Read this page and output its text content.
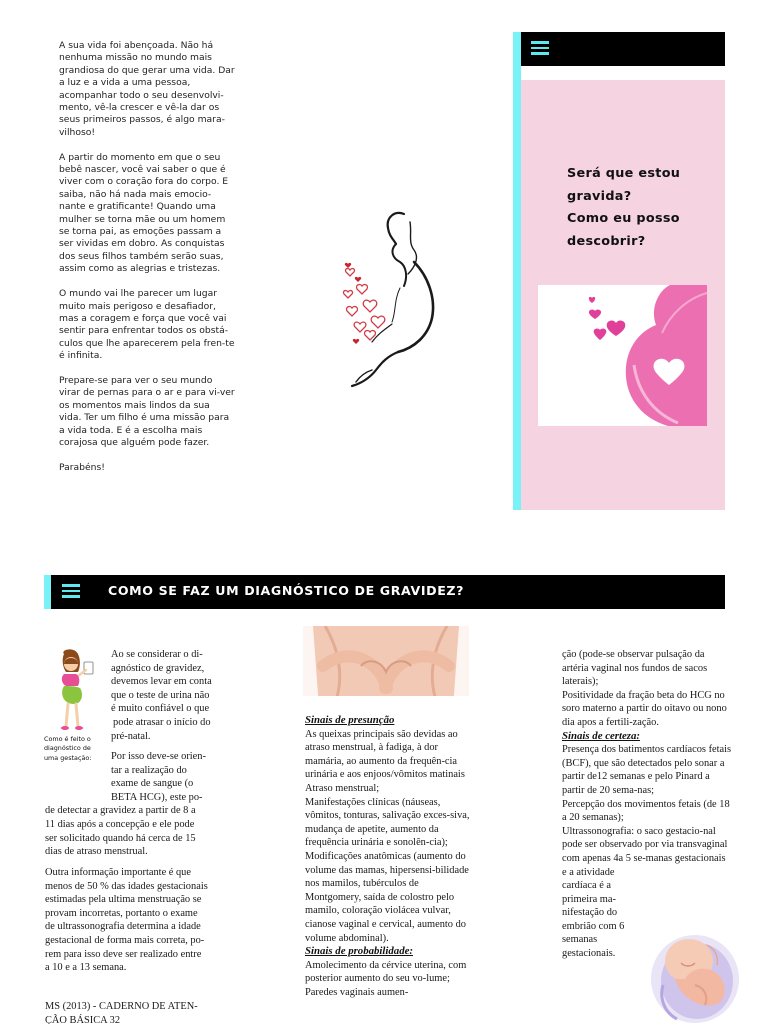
A sua vida foi abençoada. Não há nenhuma missão no mundo mais grandiosa do que gerar uma vida. Dar a luz e a vida a uma pessoa, acompanhar todo o seu desenvolvi-mento, vê-la crescer e vê-la dar os seus primeiros passos, é algo mara-vilhoso!

A partir do momento em que o seu bebê nascer, você vai saber o que é viver com o coração fora do corpo. E saiba, não há nada mais emocio-nante e gratificante! Quando uma mulher se torna mãe ou um homem se torna pai, as emoções passam a ser vividas em dobro. As conquistas dos seus filhos também serão suas, assim como as alegrias e tristezas.

O mundo vai lhe parecer um lugar muito mais perigoso e desafiador, mas a coragem e força que você vai sentir para enfrentar todos os obstá-culos que lhe aparecerem pela fren-te é infinita.

Prepare-se para ver o seu mundo virar de pernas para o ar e para vi-ver os momentos mais lindos da sua vida. Ter um filho é uma missão para a vida toda. E é a escolha mais corajosa que alguém pode fazer.

Parabéns!

Será que estou
gravida?
Como eu posso
descobrir?
COMO SE FAZ UM DIAGNÓSTICO DE GRAVIDEZ?
Como é feito o diagnóstico de uma gestação:
Ao se considerar o di-
agnóstico de gravidez,
devemos levar em conta
que o teste de urina não
é muito confiável o que
pode atrasar o início do
pré-natal.
Por isso deve-se orien-
tar a realização do
exame de sangue (o
BETA HCG), este po-
de detectar a gravidez a partir de 8 a
11 dias após a concepção e ele pode
ser solicitado quando há cerca de 15
dias de atraso menstrual.
Outra informação importante é que
menos de 50 % das idades gestacionais
estimadas pela ultima menstruação se
provam incorretas, portanto o exame
de ultrassonografia determina a idade
gestacional de forma mais correta, po-
rem para isso deve ser realizado entre
a 10 e a 13 semana.
MS (2013) - CADERNO DE ATEN-
ÇÃO BÁSICA 32
Sinais de presunção
As queixas principais são devidas ao atraso menstrual, à fadiga, à dor mamária, ao aumento da frequên-cia urinária e aos enjoos/vômitos matinais
Atraso menstrual;
Manifestações clínicas (náuseas, vômitos, tonturas, salivação exces-siva, mudança de apetite, aumento da frequência urinária e sonolên-cia);
Modificações anatômicas (aumento do volume das mamas, hipersensi-bilidade nos mamilos, tubérculos de Montgomery, saída de colostro pelo mamilo, coloração violácea vulvar, cianose vaginal e cervical, aumento do volume abdominal).
Sinais de probabilidade:
Amolecimento da cérvice uterina, com posterior aumento do seu vo-lume; Paredes vaginais aumen-
ção (pode-se observar pulsação da artéria vaginal nos fundos de sacos laterais);
Positividade da fração beta do HCG no soro materno a partir do oitavo ou nono dia apos a fertili-zação.
Sinais de certeza:
Presença dos batimentos cardíacos fetais (BCF), que são detectados pelo sonar a partir de12 semanas e pelo Pinard a partir de 20 sema-nas;
Percepção dos movimentos fetais (de 18 a 20 semanas);
Ultrassonografia: o saco gestacio-nal pode ser observado por via transvaginal com apenas 4a 5 se-manas gestacionais e a atividade
cardíaca é a primeira ma-nifestação do embrião com 6 semanas gestacionais.
